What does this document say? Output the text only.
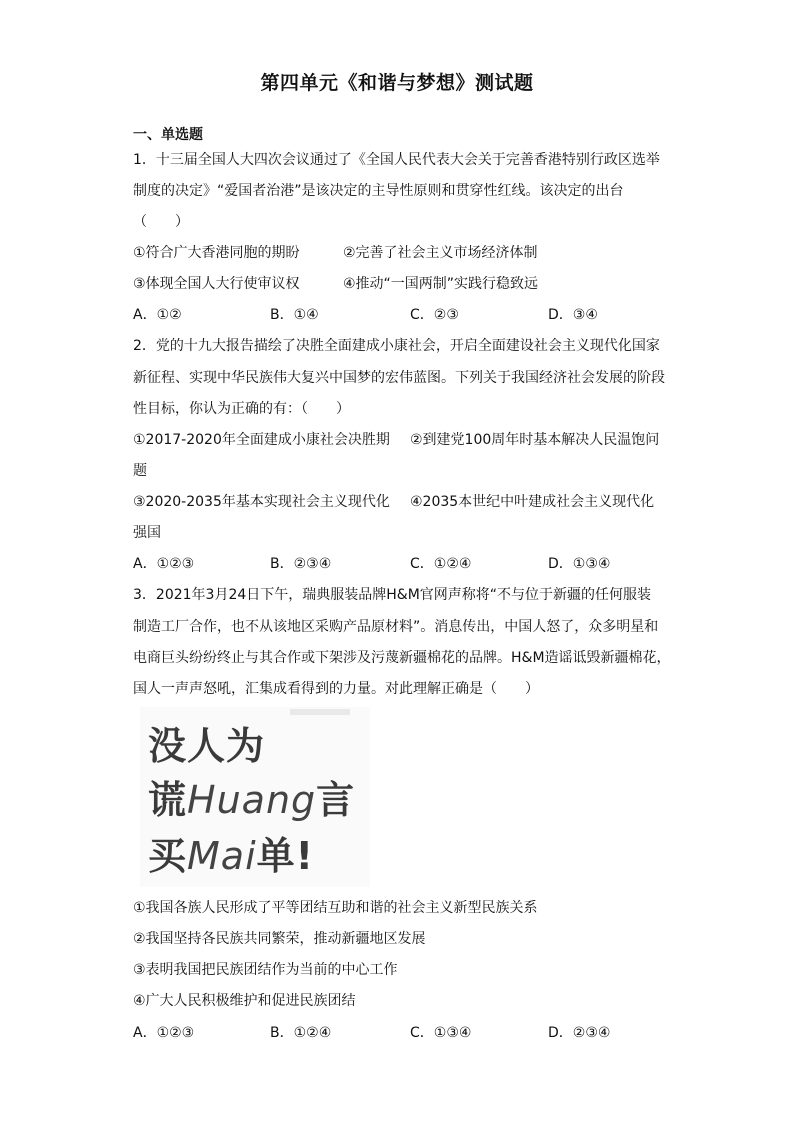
第四单元《和谐与梦想》测试题
一、单选题
1．十三届全国人大四次会议通过了《全国人民代表大会关于完善香港特别行政区选举
制度的决定》“爱国者治港”是该决定的主导性原则和贯穿性红线。该决定的出台
（　　）
①符合广大香港同胞的期盼	②完善了社会主义市场经济体制
③体现全国人大行使审议权	④推动“一国两制”实践行稳致远
A．①②	B．①④	C．②③	D．③④
2．党的十九大报告描绘了决胜全面建成小康社会，开启全面建设社会主义现代化国家
新征程、实现中华民族伟大复兴中国梦的宏伟蓝图。下列关于我国经济社会发展的阶段
性目标，你认为正确的有：（　　）
①2017-2020年全面建成小康社会决胜期 ②到建党100周年时基本解决人民温饱问
题
③2020-2035年基本实现社会主义现代化 ④2035本世纪中叶建成社会主义现代化
强国
A．①②③	B．②③④	C．①②④	D．①③④
3．2021年3月24日下午，瑞典服装品牌H&M官网声称将“不与位于新疆的任何服装
制造工厂合作，也不从该地区采购产品原材料”。消息传出，中国人怒了，众多明星和
电商巨头纷纷终止与其合作或下架涉及污蔑新疆棉花的品牌。H&M造谣诋毁新疆棉花，
国人一声声怒吼，汇集成看得到的力量。对此理解正确是（　　）
没人为
谎Huang言
买Mai单!
①我国各族人民形成了平等团结互助和谐的社会主义新型民族关系
②我国坚持各民族共同繁荣，推动新疆地区发展
③表明我国把民族团结作为当前的中心工作
④广大人民积极维护和促进民族团结
A．①②③	B．①②④	C．①③④	D．②③④
